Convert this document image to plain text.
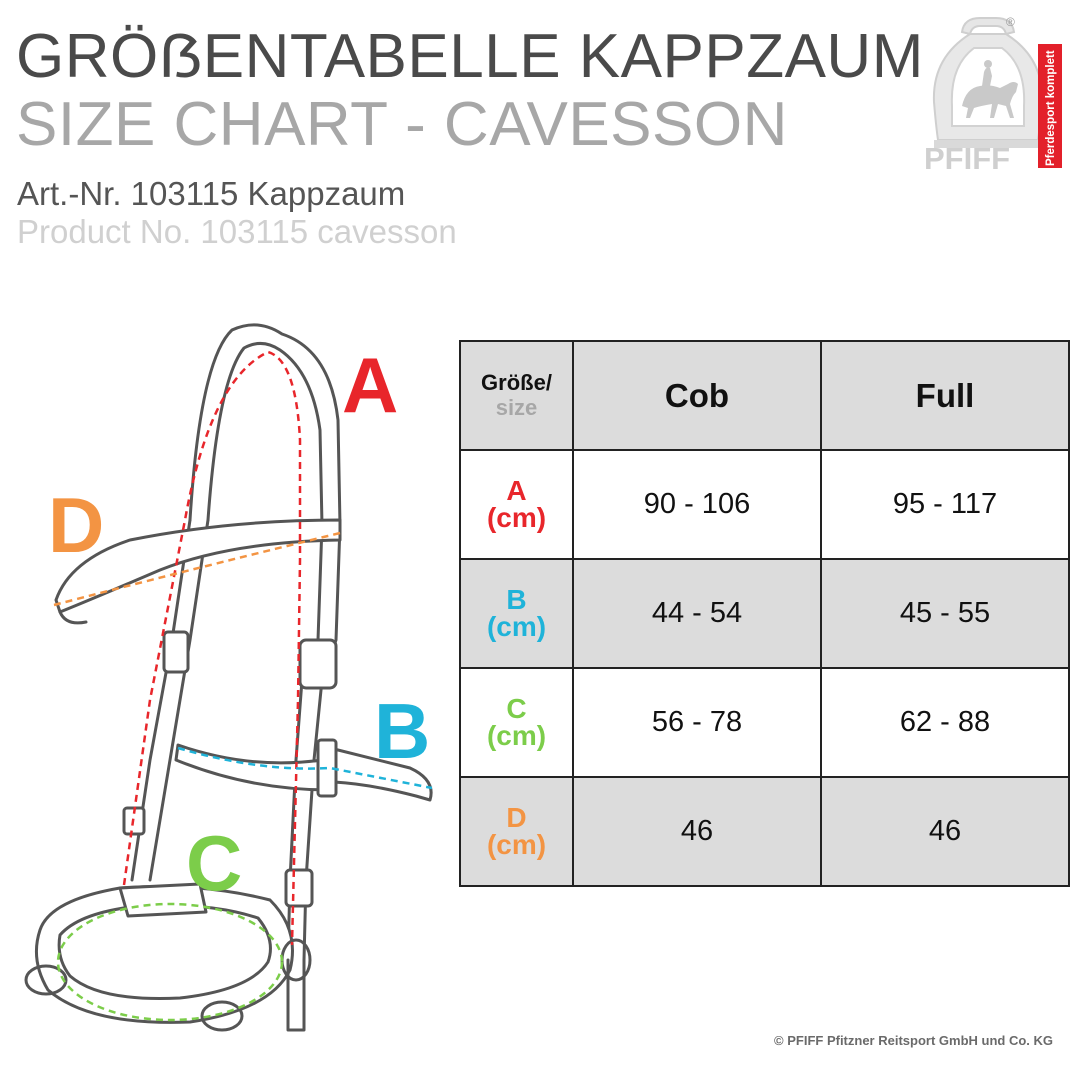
GRÖẞENTABELLE KAPPZAUM
SIZE CHART - CAVESSON
Art.-Nr. 103115 Kappzaum
Product No. 103115 cavesson
PFIFF
®
Pferdesport komplett
A
B
C
D
Größe/
size	Cob	Full

A
(cm)	90 - 106	95 - 117

B
(cm)	44 - 54	45 - 55

C
(cm)	56 - 78	62 - 88

D
(cm)	46	46
© PFIFF Pfitzner Reitsport GmbH und Co. KG
